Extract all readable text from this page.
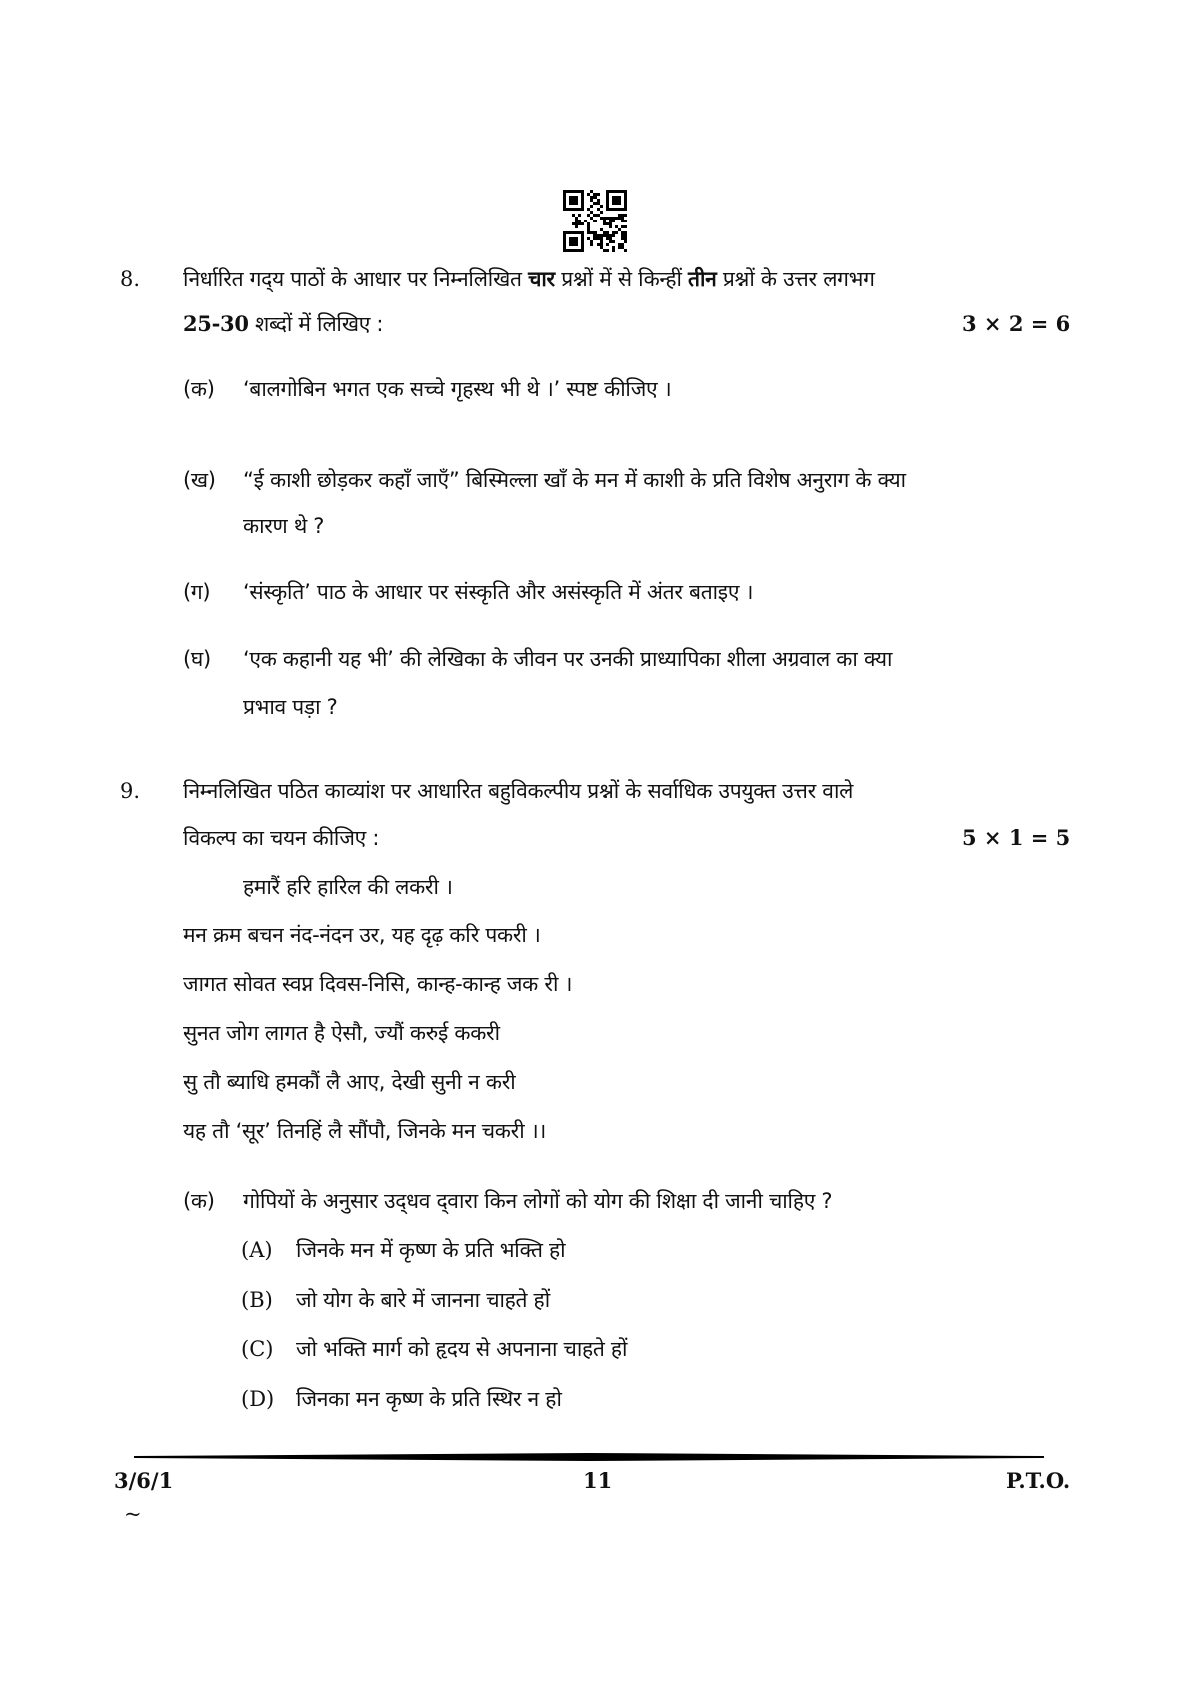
8. निर्धारित गद्‌य पाठों के आधार पर निम्नलिखित चार प्रश्नों में से किन्हीं तीन प्रश्नों के उत्तर लगभग
25-30 शब्दों में लिखिए :	3 × 2 = 6
(क) ‘बालगोबिन भगत एक सच्चे गृहस्थ भी थे ।’ स्पष्ट कीजिए ।
(ख) “ई काशी छोड़कर कहाँ जाएँ” बिस्मिल्ला खाँ के मन में काशी के प्रति विशेष अनुराग के क्या
कारण थे ?
(ग) ‘संस्कृति’ पाठ के आधार पर संस्कृति और असंस्कृति में अंतर बताइए ।
(घ) ‘एक कहानी यह भी’ की लेखिका के जीवन पर उनकी प्राध्यापिका शीला अग्रवाल का क्या
प्रभाव पड़ा ?
9. निम्नलिखित पठित काव्यांश पर आधारित बहुविकल्पीय प्रश्नों के सर्वाधिक उपयुक्त उत्तर वाले
विकल्प का चयन कीजिए :	5 × 1 = 5
हमारैं हरि हारिल की लकरी ।
मन क्रम बचन नंद-नंदन उर, यह दृढ़ करि पकरी ।
जागत सोवत स्वप्न दिवस-निसि, कान्ह-कान्ह जक री ।
सुनत जोग लागत है ऐसौ, ज्यौं करुई ककरी
सु तौ ब्याधि हमकौं लै आए, देखी सुनी न करी
यह तौ ‘सूर’ तिनहिं लै सौंपौ, जिनके मन चकरी ।।
(क) गोपियों के अनुसार उद्‌धव द्‌वारा किन लोगों को योग की शिक्षा दी जानी चाहिए ?
(A) जिनके मन में कृष्ण के प्रति भक्ति हो
(B) जो योग के बारे में जानना चाहते हों
(C) जो भक्ति मार्ग को हृदय से अपनाना चाहते हों
(D) जिनका मन कृष्ण के प्रति स्थिर न हो
3/6/1	11	P.T.O.
~
